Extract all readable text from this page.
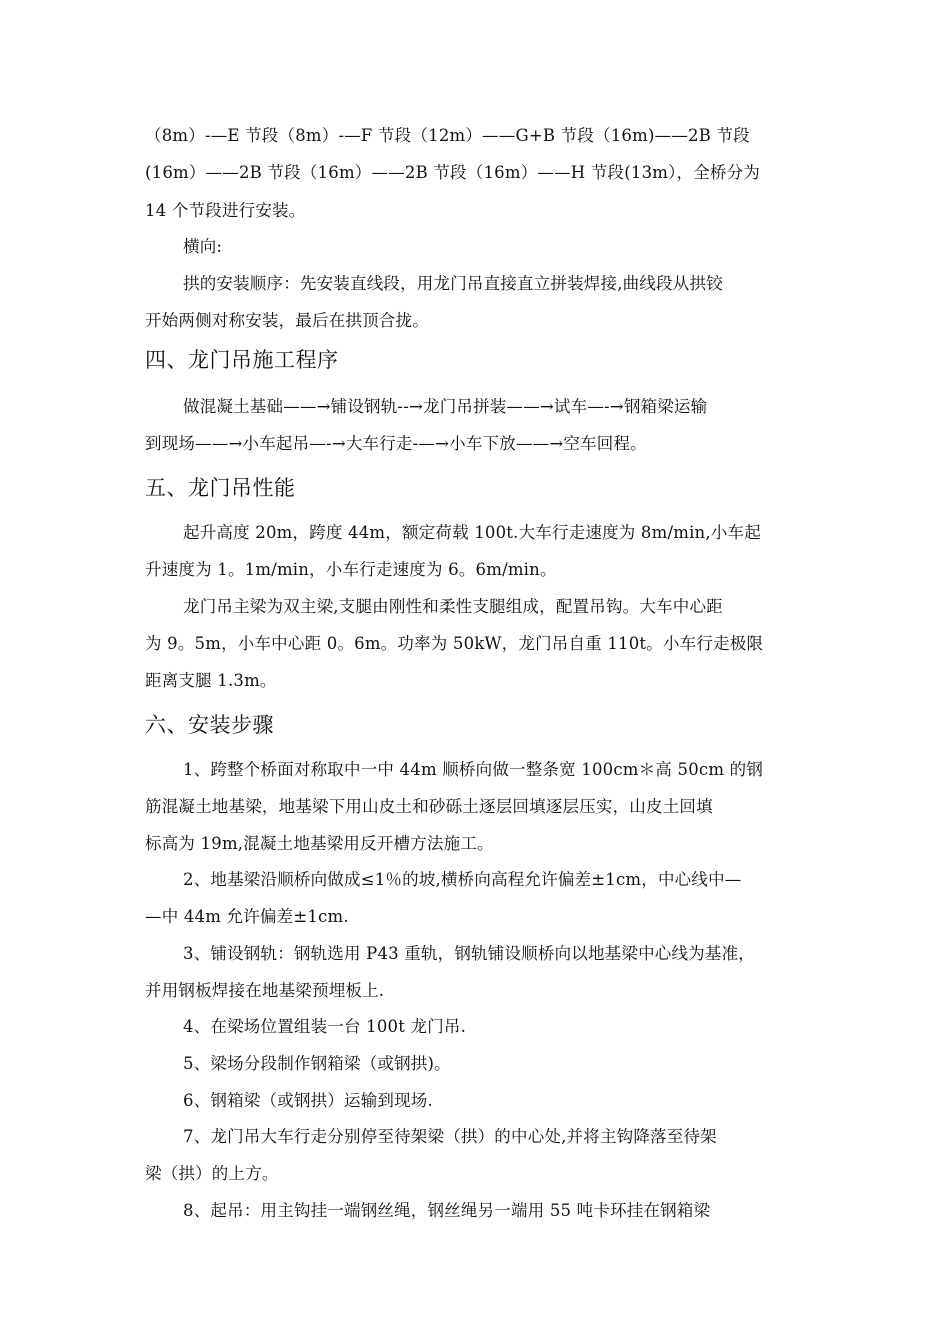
（8m）-—E 节段（8m）-—F 节段（12m）——G+B 节段（16m)——2B 节段
(16m）——2B 节段（16m）——2B 节段（16m）——H 节段(13m），全桥分为
14 个节段进行安装。
横向:
拱的安装顺序：先安装直线段，用龙门吊直接直立拼装焊接,曲线段从拱铰
开始两侧对称安装，最后在拱顶合拢。
四、龙门吊施工程序
做混凝土基础——→铺设钢轨--→龙门吊拼装——→试车—-→钢箱梁运输
到现场——→小车起吊—-→大车行走-—→小车下放——→空车回程。
五、龙门吊性能
起升高度 20m，跨度 44m，额定荷载 100t.大车行走速度为 8m/min,小车起
升速度为 1。1m/min，小车行走速度为 6。6m/min。
龙门吊主梁为双主梁,支腿由刚性和柔性支腿组成，配置吊钩。大车中心距
为 9。5m，小车中心距 0。6m。功率为 50kW，龙门吊自重 110t。小车行走极限
距离支腿 1.3m。
六、安装步骤
1、跨整个桥面对称取中一中 44m 顺桥向做一整条宽 100cm＊高 50cm 的钢
筋混凝土地基梁，地基梁下用山皮土和砂砾土逐层回填逐层压实，山皮土回填
标高为 19m,混凝土地基梁用反开槽方法施工。
2、地基梁沿顺桥向做成≤1％的坡,横桥向高程允许偏差±1cm，中心线中—
—中 44m 允许偏差±1cm.
3、铺设钢轨：钢轨选用 P43 重轨，钢轨铺设顺桥向以地基梁中心线为基准，
并用钢板焊接在地基梁预埋板上.
4、在梁场位置组装一台 100t 龙门吊.
5、梁场分段制作钢箱梁（或钢拱)。
6、钢箱梁（或钢拱）运输到现场.
7、龙门吊大车行走分别停至待架梁（拱）的中心处,并将主钩降落至待架
梁（拱）的上方。
8、起吊：用主钩挂一端钢丝绳，钢丝绳另一端用 55 吨卡环挂在钢箱梁
